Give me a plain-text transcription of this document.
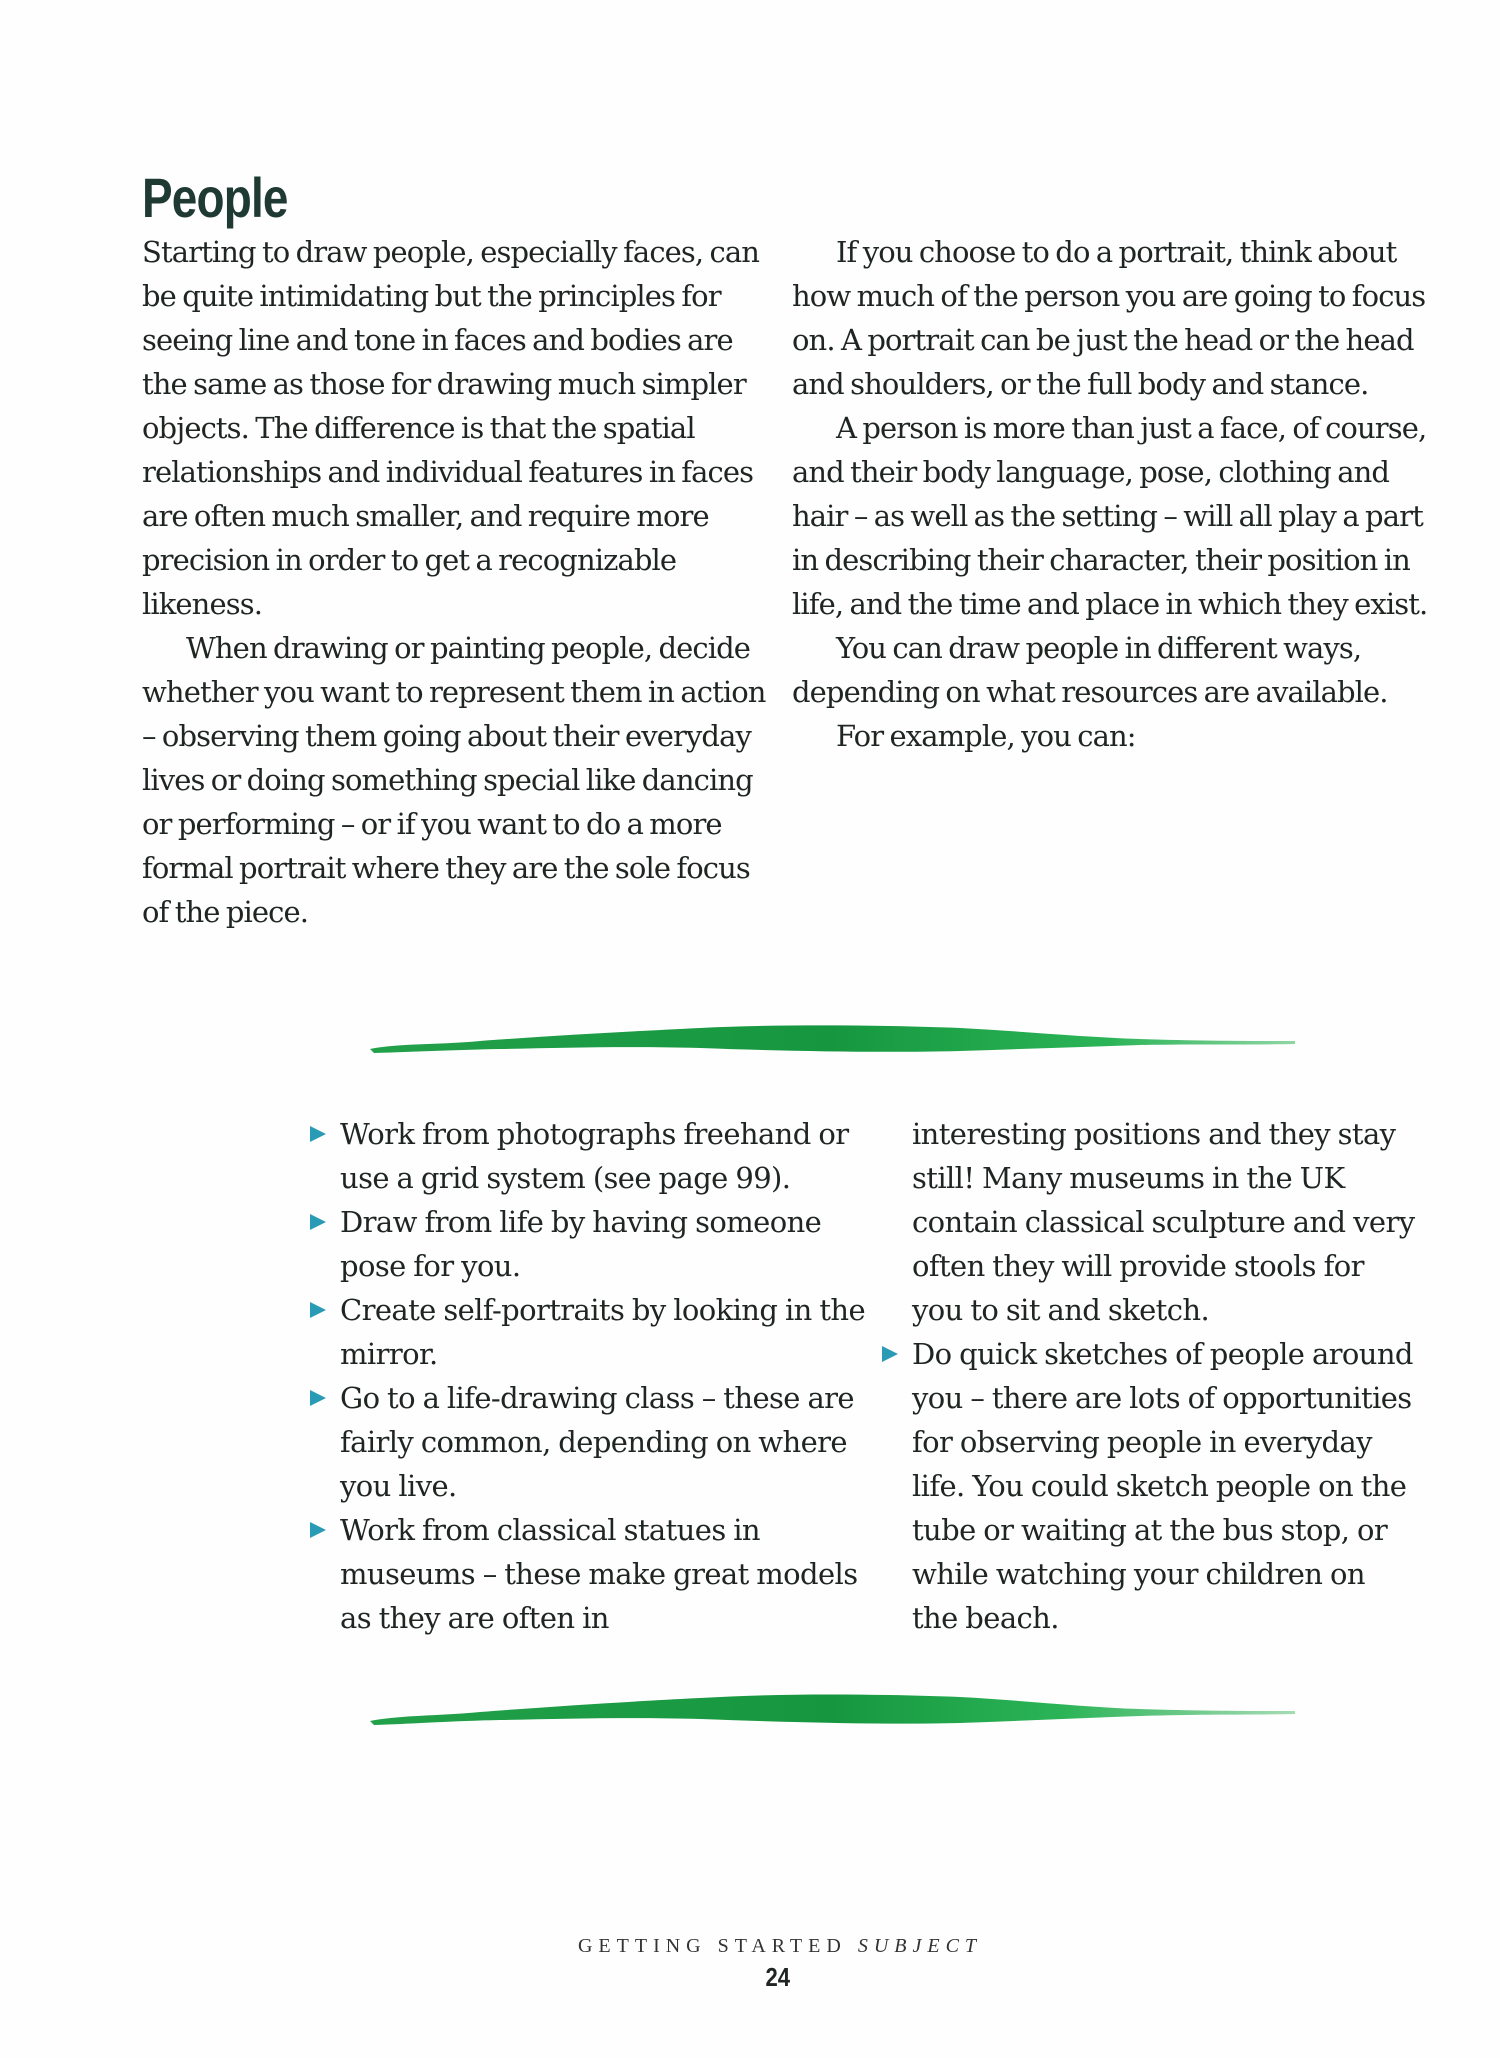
People

Starting to draw people, especially faces, can be quite intimidating but the principles for seeing line and tone in faces and bodies are the same as those for drawing much simpler objects. The difference is that the spatial relationships and individual features in faces are often much smaller, and require more precision in order to get a recognizable likeness.

When drawing or painting people, decide whether you want to represent them in action – observing them going about their everyday lives or doing something special like dancing or performing – or if you want to do a more formal portrait where they are the sole focus of the piece.

If you choose to do a portrait, think about how much of the person you are going to focus on. A portrait can be just the head or the head and shoulders, or the full body and stance.

A person is more than just a face, of course, and their body language, pose, clothing and hair – as well as the setting – will all play a part in describing their character, their position in life, and the time and place in which they exist.

You can draw people in different ways, depending on what resources are available.

For example, you can:

Work from photographs freehand or use a grid system (see page 99).
Draw from life by having someone pose for you.
Create self-portraits by looking in the mirror.
Go to a life-drawing class – these are fairly common, depending on where you live.
Work from classical statues in museums – these make great models as they are often in
interesting positions and they stay still! Many museums in the UK contain classical sculpture and very often they will provide stools for you to sit and sketch.
Do quick sketches of people around you – there are lots of opportunities for observing people in everyday life. You could sketch people on the tube or waiting at the bus stop, or while watching your children on the beach.
GETTING STARTED SUBJECT
24
